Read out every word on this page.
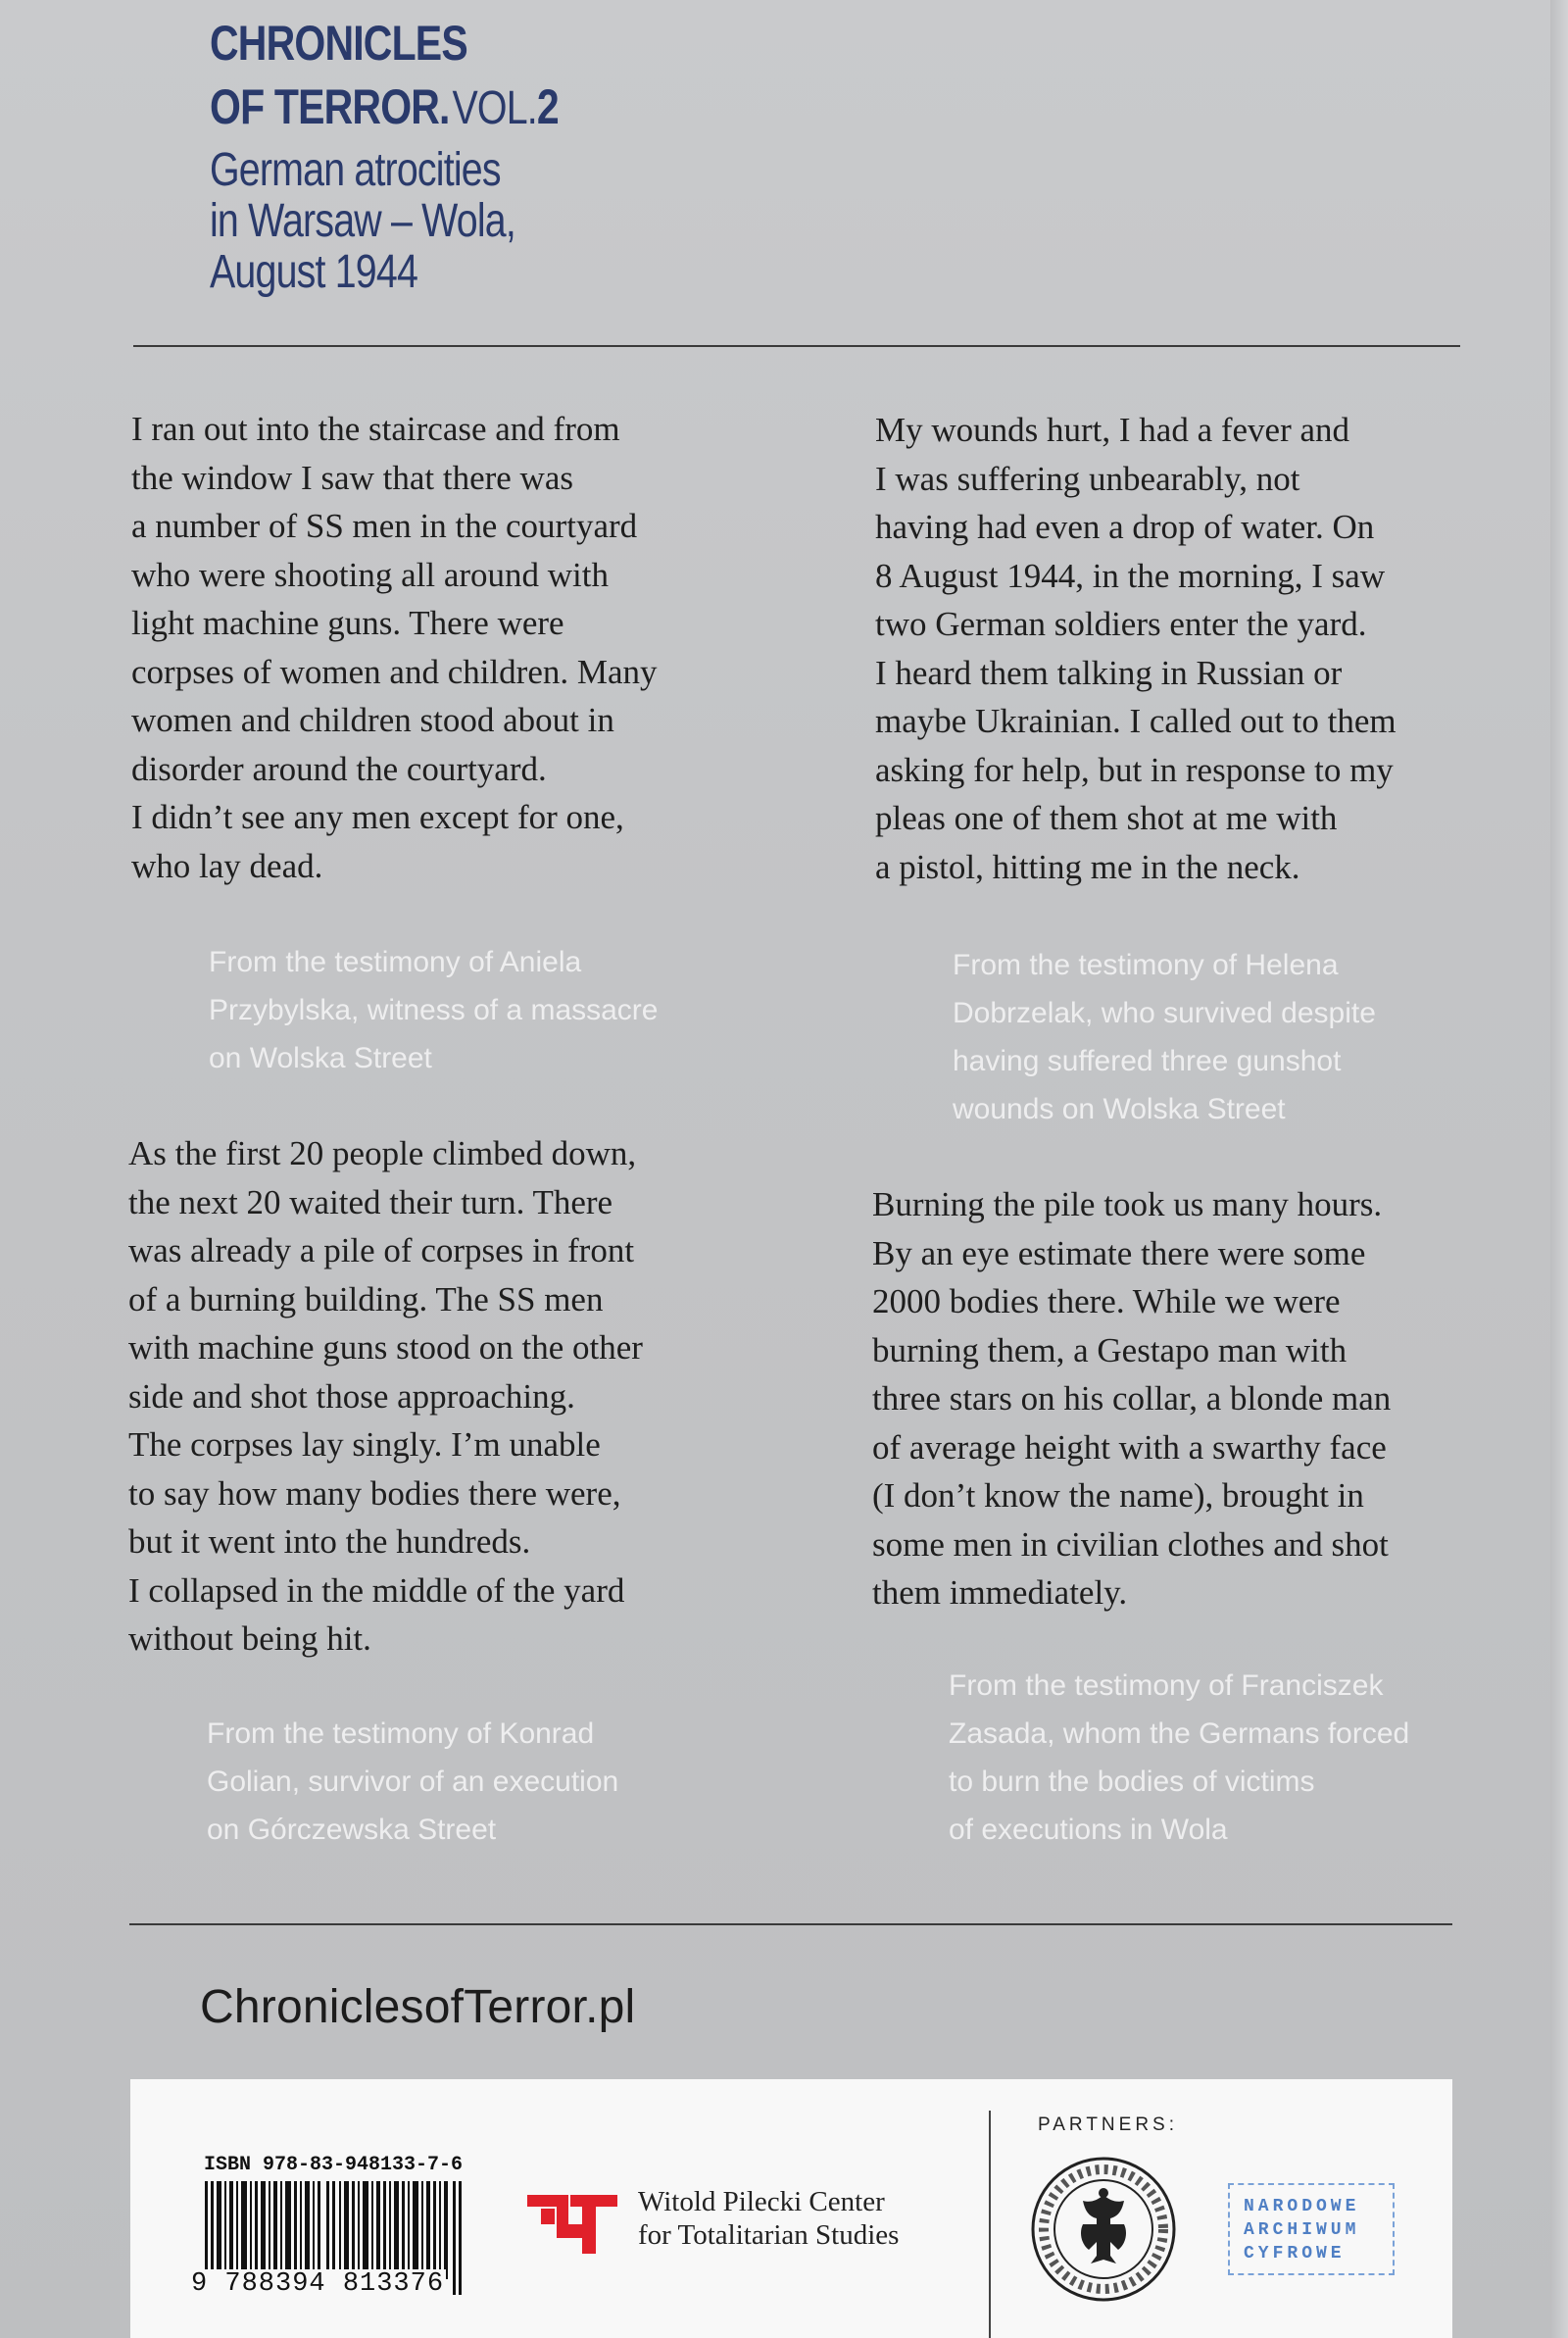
CHRONICLES
OF TERROR. VOL.2
German atrocities
in Warsaw – Wola,
August 1944

I ran out into the staircase and from
the window I saw that there was
a number of SS men in the courtyard
who were shooting all around with
light machine guns. There were
corpses of women and children. Many
women and children stood about in
disorder around the courtyard.
I didn’t see any men except for one,
who lay dead.

From the testimony of Aniela
Przybylska, witness of a massacre
on Wolska Street

My wounds hurt, I had a fever and
I was suffering unbearably, not
having had even a drop of water. On
8 August 1944, in the morning, I saw
two German soldiers enter the yard.
I heard them talking in Russian or
maybe Ukrainian. I called out to them
asking for help, but in response to my
pleas one of them shot at me with
a pistol, hitting me in the neck.

From the testimony of Helena
Dobrzelak, who survived despite
having suffered three gunshot
wounds on Wolska Street

As the first 20 people climbed down,
the next 20 waited their turn. There
was already a pile of corpses in front
of a burning building. The SS men
with machine guns stood on the other
side and shot those approaching.
The corpses lay singly. I’m unable
to say how many bodies there were,
but it went into the hundreds.
I collapsed in the middle of the yard
without being hit.

From the testimony of Konrad
Golian, survivor of an execution
on Górczewska Street

Burning the pile took us many hours.
By an eye estimate there were some
2000 bodies there. While we were
burning them, a Gestapo man with
three stars on his collar, a blonde man
of average height with a swarthy face
(I don’t know the name), brought in
some men in civilian clothes and shot
them immediately.

From the testimony of Franciszek
Zasada, whom the Germans forced
to burn the bodies of victims
of executions in Wola
ChroniclesofTerror.pl
ISBN 978-83-948133-7-6
9 788394 813376
Witold Pilecki Center
for Totalitarian Studies
PARTNERS:
NARODOWE
ARCHIWUM
CYFROWE
